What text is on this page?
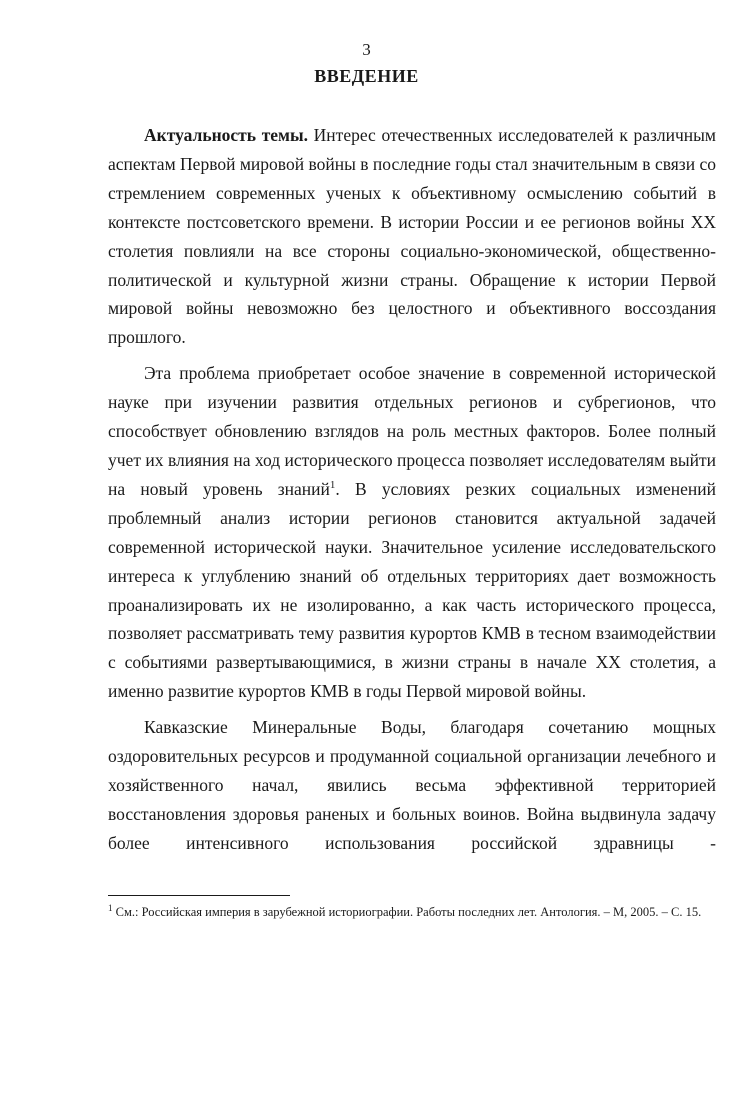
3
ВВЕДЕНИЕ

Актуальность темы. Интерес отечественных исследователей к различным аспектам Первой мировой войны в последние годы стал значительным в связи со стремлением современных ученых к объективному осмыслению событий в контексте постсоветского времени. В истории России и ее регионов войны XX столетия повлияли на все стороны социально-экономической, общественно-политической и культурной жизни страны. Обращение к истории Первой мировой войны невозможно без целостного и объективного воссоздания прошлого.

Эта проблема приобретает особое значение в современной исторической науке при изучении развития отдельных регионов и субрегионов, что способствует обновлению взглядов на роль местных факторов. Более полный учет их влияния на ход исторического процесса позволяет исследователям выйти на новый уровень знаний$^1$. В условиях резких социальных изменений проблемный анализ истории регионов становится актуальной задачей современной исторической науки. Значительное усиление исследовательского интереса к углублению знаний об отдельных территориях дает возможность проанализировать их не изолированно, а как часть исторического процесса, позволяет рассматривать тему развития курортов КМВ в тесном взаимодействии с событиями развертывающимися, в жизни страны в начале XX столетия, а именно развитие курортов КМВ в годы Первой мировой войны.

Кавказские Минеральные Воды, благодаря сочетанию мощных оздоровительных ресурсов и продуманной социальной организации лечебного и хозяйственного начал, явились весьма эффективной территорией восстановления здоровья раненых и больных воинов. Война выдвинула задачу более интенсивного использования российской здравницы -

$^1$ См.: Российская империя в зарубежной историографии. Работы последних лет. Антология. – М, 2005. – С. 15.
